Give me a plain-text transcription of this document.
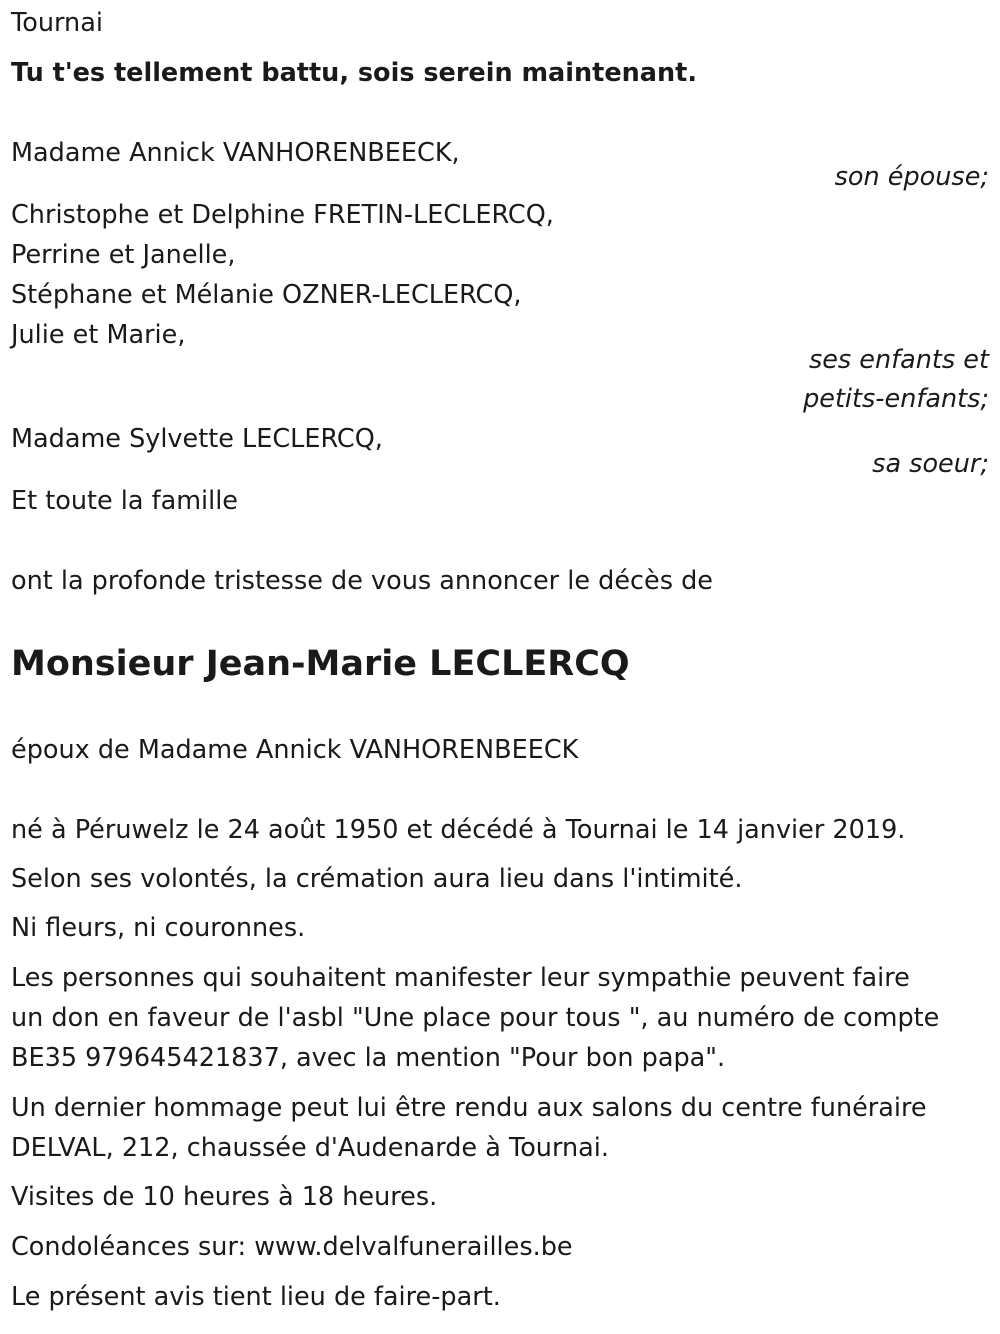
Tournai
Tu t'es tellement battu, sois serein maintenant.
Madame Annick VANHORENBEECK,
son épouse;
Christophe et Delphine FRETIN-LECLERCQ,
Perrine et Janelle,
Stéphane et Mélanie OZNER-LECLERCQ,
Julie et Marie,
ses enfants et
petits-enfants;
Madame Sylvette LECLERCQ,
sa soeur;
Et toute la famille
ont la profonde tristesse de vous annoncer le décès de
Monsieur Jean-Marie LECLERCQ
époux de Madame Annick VANHORENBEECK
né à Péruwelz le 24 août 1950 et décédé à Tournai le 14 janvier 2019.
Selon ses volontés, la crémation aura lieu dans l'intimité.
Ni fleurs, ni couronnes.
Les personnes qui souhaitent manifester leur sympathie peuvent faire
un don en faveur de l'asbl "Une place pour tous ", au numéro de compte
BE35 979645421837, avec la mention "Pour bon papa".
Un dernier hommage peut lui être rendu aux salons du centre funéraire
DELVAL, 212, chaussée d'Audenarde à Tournai.
Visites de 10 heures à 18 heures.
Condoléances sur: www.delvalfunerailles.be
Le présent avis tient lieu de faire-part.
